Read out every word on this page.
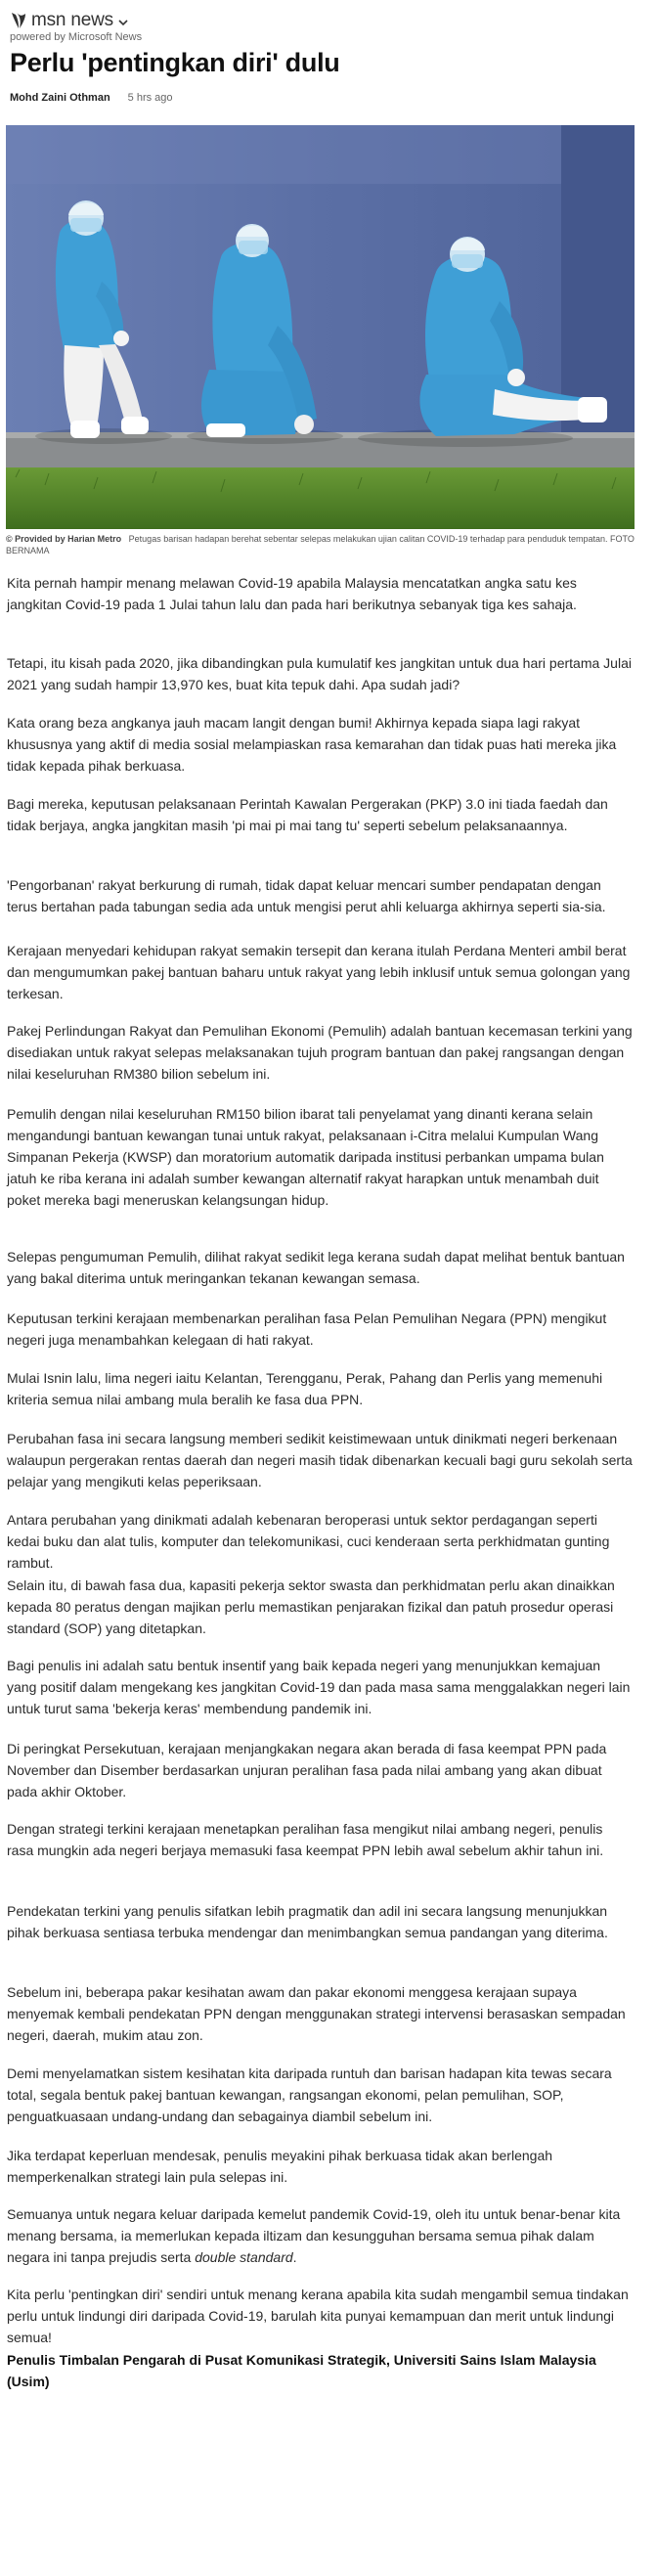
msn news
powered by Microsoft News
Perlu 'pentingkan diri' dulu
Mohd Zaini Othman 5 hrs ago
© Provided by Harian Metro Petugas barisan hadapan berehat sebentar selepas melakukan ujian calitan COVID-19 terhadap para penduduk tempatan. FOTO BERNAMA

Kita pernah hampir menang melawan Covid-19 apabila Malaysia mencatatkan angka satu kes jangkitan Covid-19 pada 1 Julai tahun lalu dan pada hari berikutnya sebanyak tiga kes sahaja.

Tetapi, itu kisah pada 2020, jika dibandingkan pula kumulatif kes jangkitan untuk dua hari pertama Julai 2021 yang sudah hampir 13,970 kes, buat kita tepuk dahi. Apa sudah jadi?

Kata orang beza angkanya jauh macam langit dengan bumi! Akhirnya kepada siapa lagi rakyat khususnya yang aktif di media sosial melampiaskan rasa kemarahan dan tidak puas hati mereka jika tidak kepada pihak berkuasa.

Bagi mereka, keputusan pelaksanaan Perintah Kawalan Pergerakan (PKP) 3.0 ini tiada faedah dan tidak berjaya, angka jangkitan masih 'pi mai pi mai tang tu' seperti sebelum pelaksanaannya.

'Pengorbanan' rakyat berkurung di rumah, tidak dapat keluar mencari sumber pendapatan dengan terus bertahan pada tabungan sedia ada untuk mengisi perut ahli keluarga akhirnya seperti sia-sia.

Kerajaan menyedari kehidupan rakyat semakin tersepit dan kerana itulah Perdana Menteri ambil berat dan mengumumkan pakej bantuan baharu untuk rakyat yang lebih inklusif untuk semua golongan yang terkesan.

Pakej Perlindungan Rakyat dan Pemulihan Ekonomi (Pemulih) adalah bantuan kecemasan terkini yang disediakan untuk rakyat selepas melaksanakan tujuh program bantuan dan pakej rangsangan dengan nilai keseluruhan RM380 bilion sebelum ini.

Pemulih dengan nilai keseluruhan RM150 bilion ibarat tali penyelamat yang dinanti kerana selain mengandungi bantuan kewangan tunai untuk rakyat, pelaksanaan i-Citra melalui Kumpulan Wang Simpanan Pekerja (KWSP) dan moratorium automatik daripada institusi perbankan umpama bulan jatuh ke riba kerana ini adalah sumber kewangan alternatif rakyat harapkan untuk menambah duit poket mereka bagi meneruskan kelangsungan hidup.

Selepas pengumuman Pemulih, dilihat rakyat sedikit lega kerana sudah dapat melihat bentuk bantuan yang bakal diterima untuk meringankan tekanan kewangan semasa.

Keputusan terkini kerajaan membenarkan peralihan fasa Pelan Pemulihan Negara (PPN) mengikut negeri juga menambahkan kelegaan di hati rakyat.

Mulai Isnin lalu, lima negeri iaitu Kelantan, Terengganu, Perak, Pahang dan Perlis yang memenuhi kriteria semua nilai ambang mula beralih ke fasa dua PPN.

Perubahan fasa ini secara langsung memberi sedikit keistimewaan untuk dinikmati negeri berkenaan walaupun pergerakan rentas daerah dan negeri masih tidak dibenarkan kecuali bagi guru sekolah serta pelajar yang mengikuti kelas peperiksaan.

Antara perubahan yang dinikmati adalah kebenaran beroperasi untuk sektor perdagangan seperti kedai buku dan alat tulis, komputer dan telekomunikasi, cuci kenderaan serta perkhidmatan gunting rambut.

Selain itu, di bawah fasa dua, kapasiti pekerja sektor swasta dan perkhidmatan perlu akan dinaikkan kepada 80 peratus dengan majikan perlu memastikan penjarakan fizikal dan patuh prosedur operasi standard (SOP) yang ditetapkan.

Bagi penulis ini adalah satu bentuk insentif yang baik kepada negeri yang menunjukkan kemajuan yang positif dalam mengekang kes jangkitan Covid-19 dan pada masa sama menggalakkan negeri lain untuk turut sama 'bekerja keras' membendung pandemik ini.

Di peringkat Persekutuan, kerajaan menjangkakan negara akan berada di fasa keempat PPN pada November dan Disember berdasarkan unjuran peralihan fasa pada nilai ambang yang akan dibuat pada akhir Oktober.

Dengan strategi terkini kerajaan menetapkan peralihan fasa mengikut nilai ambang negeri, penulis rasa mungkin ada negeri berjaya memasuki fasa keempat PPN lebih awal sebelum akhir tahun ini.

Pendekatan terkini yang penulis sifatkan lebih pragmatik dan adil ini secara langsung menunjukkan pihak berkuasa sentiasa terbuka mendengar dan menimbangkan semua pandangan yang diterima.

Sebelum ini, beberapa pakar kesihatan awam dan pakar ekonomi menggesa kerajaan supaya menyemak kembali pendekatan PPN dengan menggunakan strategi intervensi berasaskan sempadan negeri, daerah, mukim atau zon.

Demi menyelamatkan sistem kesihatan kita daripada runtuh dan barisan hadapan kita tewas secara total, segala bentuk pakej bantuan kewangan, rangsangan ekonomi, pelan pemulihan, SOP, penguatkuasaan undang-undang dan sebagainya diambil sebelum ini.

Jika terdapat keperluan mendesak, penulis meyakini pihak berkuasa tidak akan berlengah memperkenalkan strategi lain pula selepas ini.

Semuanya untuk negara keluar daripada kemelut pandemik Covid-19, oleh itu untuk benar-benar kita menang bersama, ia memerlukan kepada iltizam dan kesungguhan bersama semua pihak dalam negara ini tanpa prejudis serta double standard.

Kita perlu 'pentingkan diri' sendiri untuk menang kerana apabila kita sudah mengambil semua tindakan perlu untuk lindungi diri daripada Covid-19, barulah kita punyai kemampuan dan merit untuk lindungi semua!

Penulis Timbalan Pengarah di Pusat Komunikasi Strategik, Universiti Sains Islam Malaysia (Usim)
